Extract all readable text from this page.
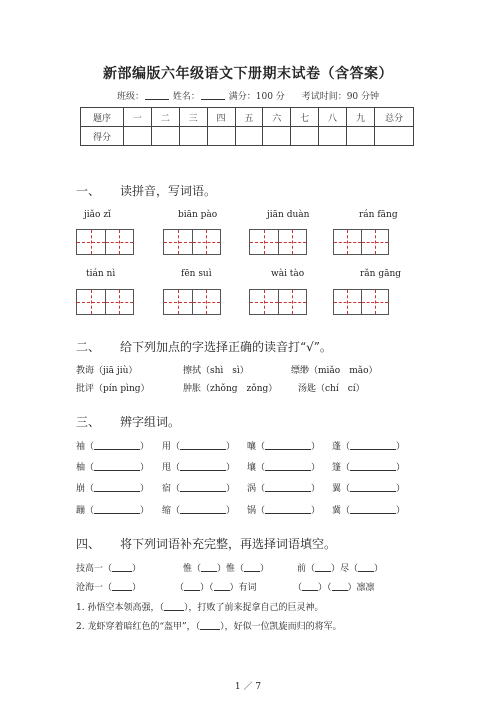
新部编版六年级语文下册期末试卷（含答案）
班级：	姓名：	满分：100 分 考试时间：90 分钟
题序	一	二	三	四	五	六	七	八	九	总分
得分										
一、 读拼音，写词语。
jiǎo zǐ	biān pào	jiān duàn	rán fāng
tián nì	fēn suì	wài tào	rǎn gāng
二、 给下列加点的字选择正确的读音打“√”。
教诲（jiā jiù）	擦拭（shì　sì）	缥缈（miǎo　mǎo）
批评（pín pìng）	肿胀（zhǒng　zǒng） 汤匙（chí　cí）
三、 辨字组词。
袖（	） 用（	） 嚷（	） 蓬（	）
柚（	） 甩（	） 壤（	） 篷（	）
崩（	） 宿（	） 涡（	） 翼（	）
蹦（	） 缩（	） 锅（	） 冀（	）
四、 将下列词语补充完整，再选择词语填空。
技高一（ ）	惟（ ）惟（ ）	前（ ）尽（ ）
沧海一（ ）	（ ）（ ）有词	（ ）（ ）凛凛
1. 孙悟空本领高强，（ ），打败了前来捉拿自己的巨灵神。
2. 龙虾穿着暗红色的“盔甲”，（ ），好似一位凯旋而归的将军。
1 ／ 7
